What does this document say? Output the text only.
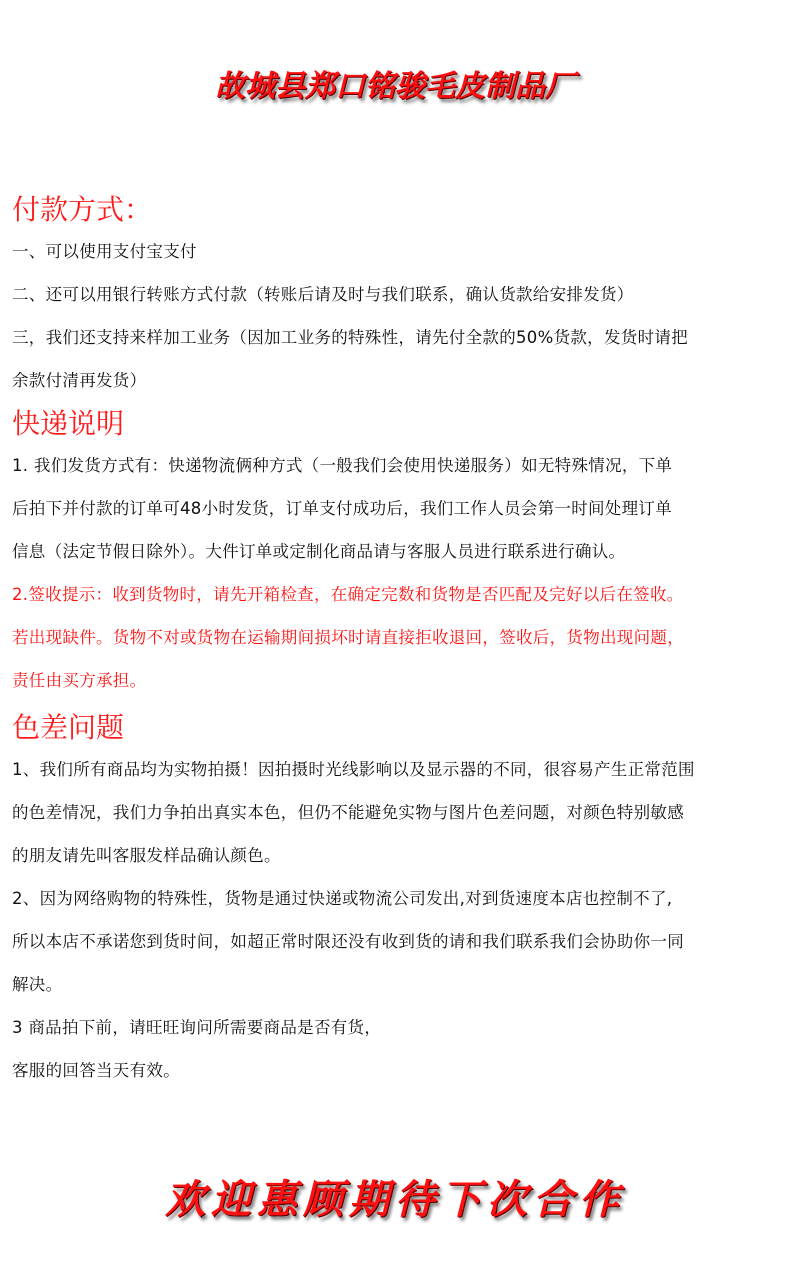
故城县郑口铭骏毛皮制品厂
付款方式：

一、可以使用支付宝支付

二、还可以用银行转账方式付款（转账后请及时与我们联系，确认货款给安排发货）

三，我们还支持来样加工业务（因加工业务的特殊性，请先付全款的50%货款，发货时请把

余款付清再发货）

快递说明

1. 我们发货方式有：快递物流俩种方式（一般我们会使用快递服务）如无特殊情况，下单

后拍下并付款的订单可48小时发货，订单支付成功后，我们工作人员会第一时间处理订单

信息（法定节假日除外）。大件订单或定制化商品请与客服人员进行联系进行确认。

2.签收提示：收到货物时，请先开箱检查，在确定完数和货物是否匹配及完好以后在签收。

若出现缺件。货物不对或货物在运输期间损坏时请直接拒收退回，签收后，货物出现问题，

责任由买方承担。

色差问题

1、我们所有商品均为实物拍摄！因拍摄时光线影响以及显示器的不同，很容易产生正常范围

的色差情况，我们力争拍出真实本色，但仍不能避免实物与图片色差问题，对颜色特别敏感

的朋友请先叫客服发样品确认颜色。

2、因为网络购物的特殊性，货物是通过快递或物流公司发出,对到货速度本店也控制不了,

所以本店不承诺您到货时间，如超正常时限还没有收到货的请和我们联系我们会协助你一同

解决。

3 商品拍下前，请旺旺询问所需要商品是否有货，

客服的回答当天有效。

欢迎惠顾期待下次合作
